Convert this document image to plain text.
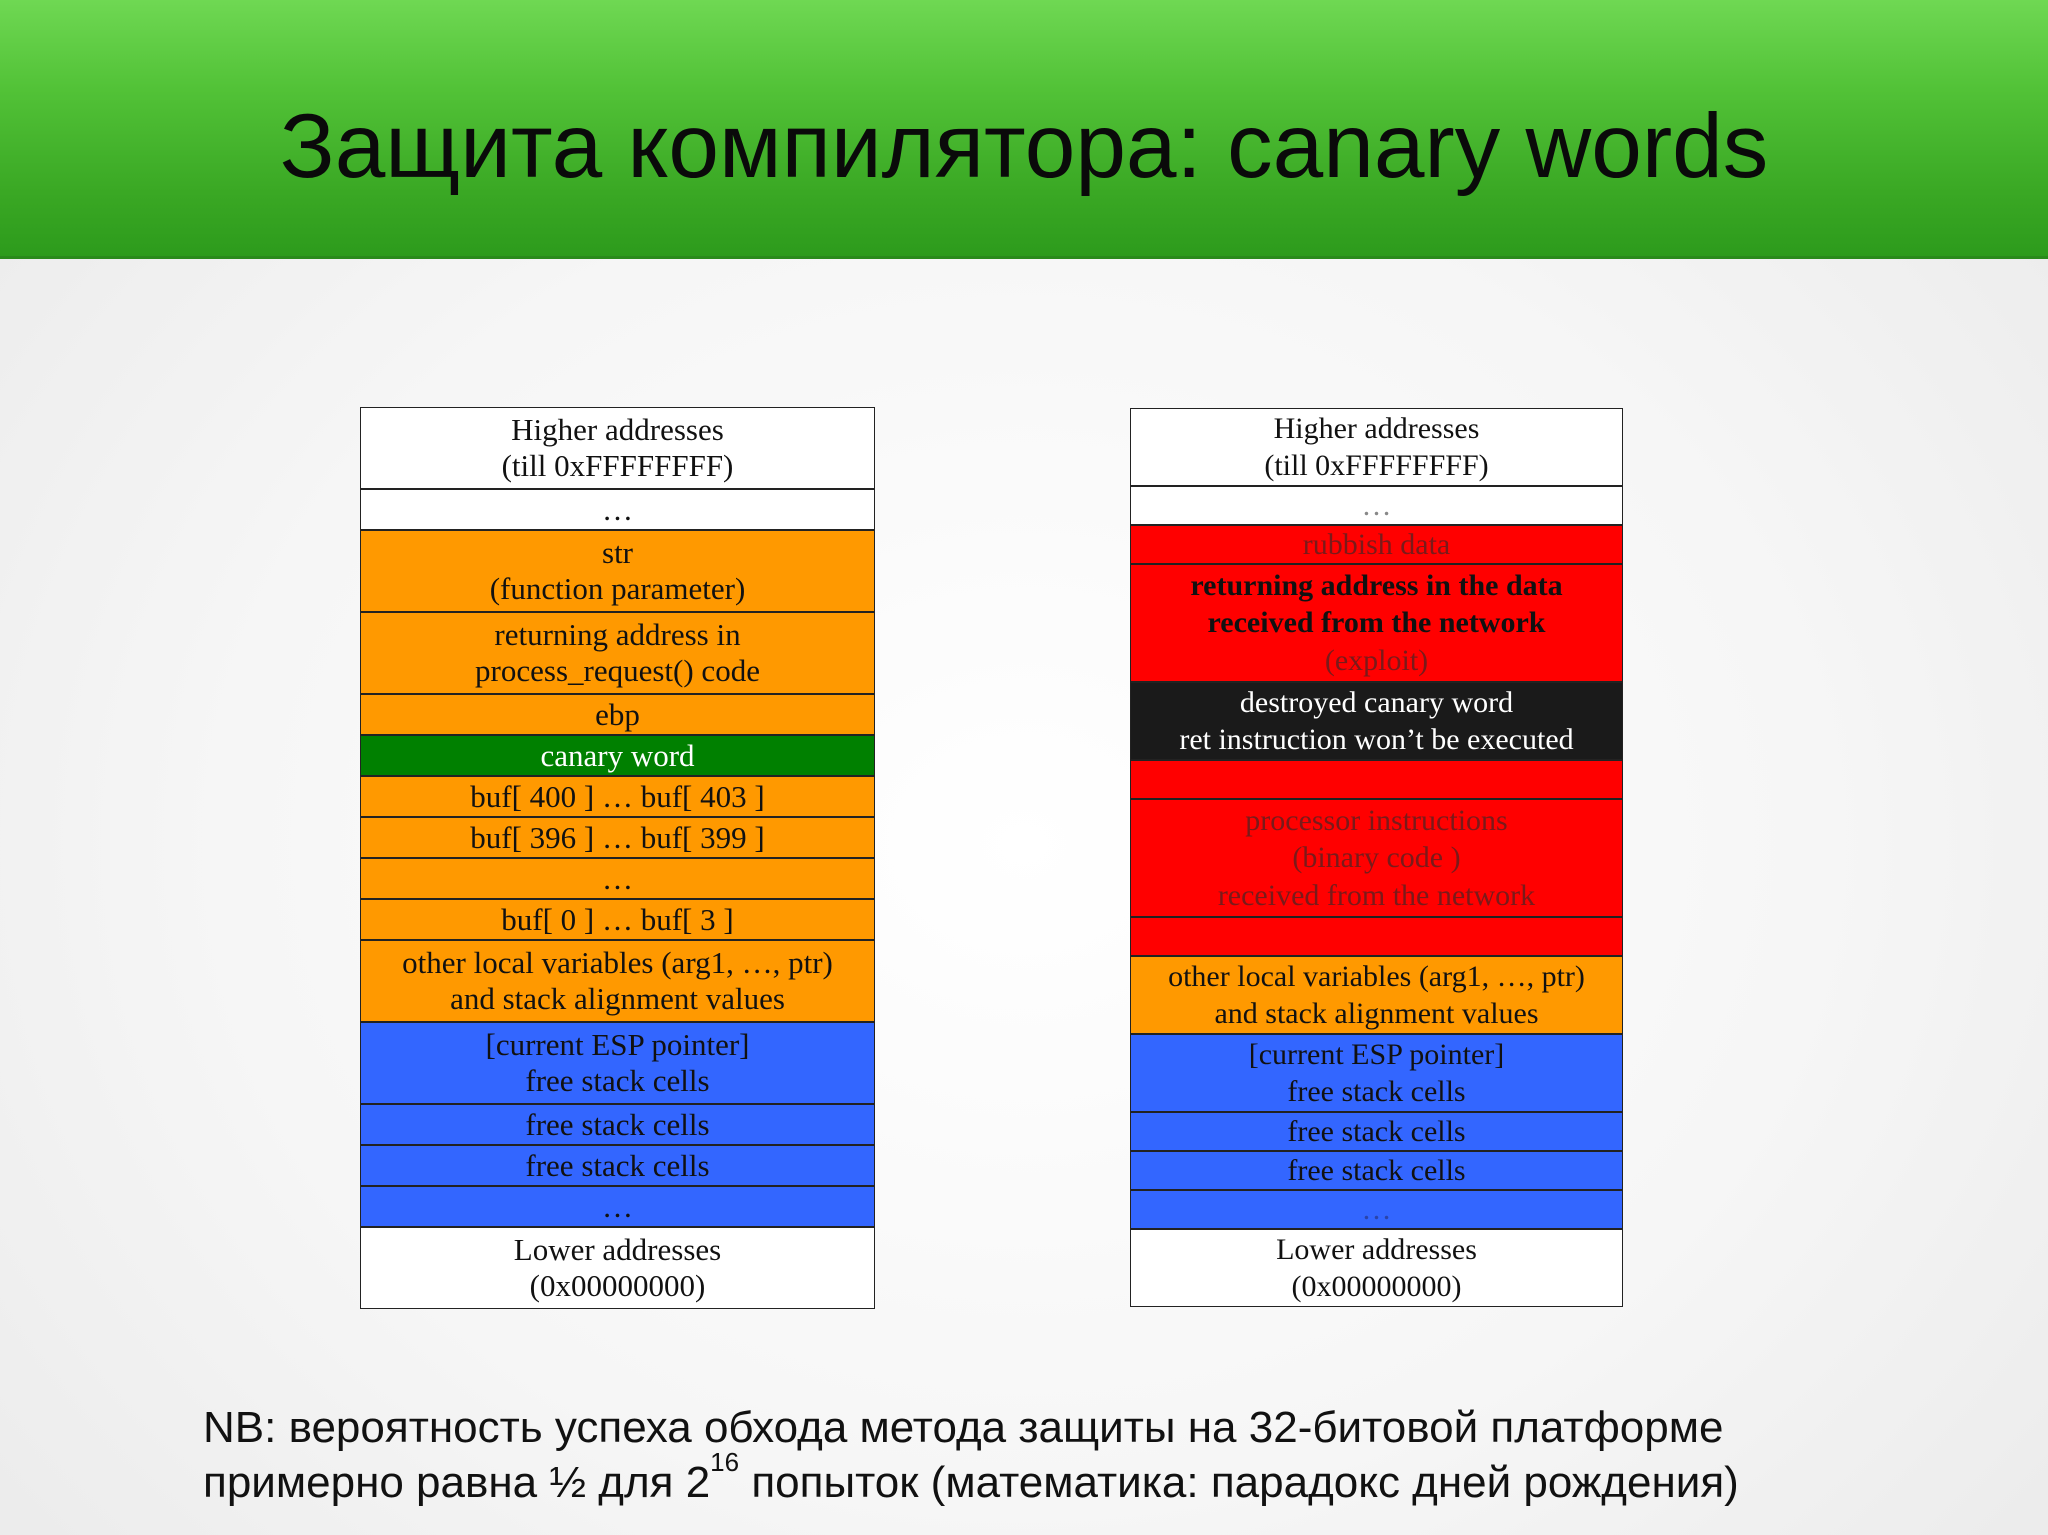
Защита компилятора: canary words
Higher addresses
(till 0xFFFFFFFF)
…
str
(function parameter)
returning address in
process_request() code
ebp
canary word
buf[ 400 ] … buf[ 403 ]
buf[ 396 ] … buf[ 399 ]
…
buf[ 0 ] … buf[ 3 ]
other local variables (arg1, …, ptr)
and stack alignment values
[current ESP pointer]
free stack cells
free stack cells
free stack cells
…
Lower addresses
(0x00000000)
Higher addresses
(till 0xFFFFFFFF)
…
rubbish data
returning address in the data
received from the network
(exploit)
destroyed canary word
ret instruction won’t be executed
processor instructions
(binary code )
received from the network
other local variables (arg1, …, ptr)
and stack alignment values
[current ESP pointer]
free stack cells
free stack cells
free stack cells
…
Lower addresses
(0x00000000)
NB: вероятность успеха обхода метода защиты на 32-битовой платформе
примерно равна ½ для $2^{16}$ попыток (математика: парадокс дней рождения)
